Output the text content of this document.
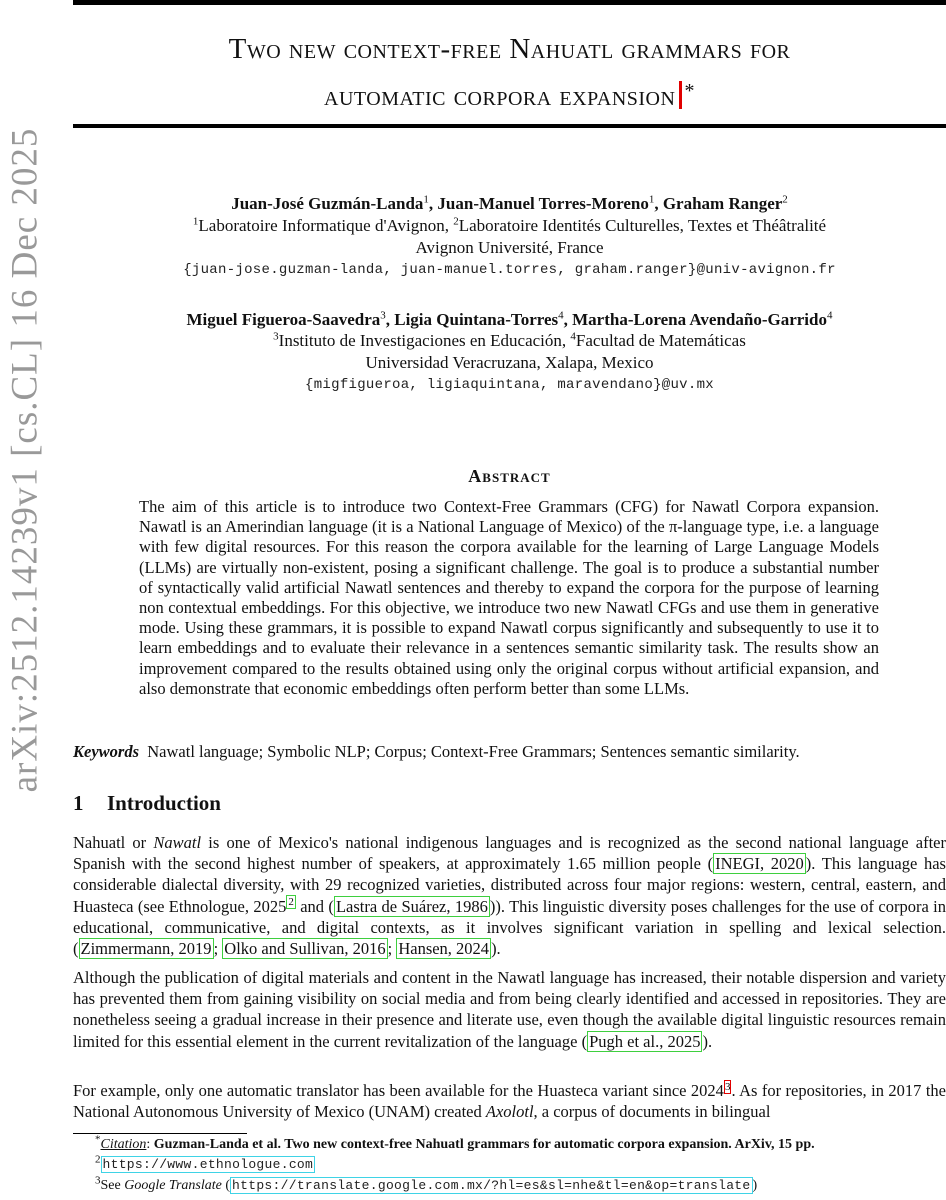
arXiv:2512.14239v1 [cs.CL] 16 Dec 2025
Two new context-free Nahuatl grammars for
automatic corpora expansion *
Juan-José Guzmán-Landa$^1$, Juan-Manuel Torres-Moreno$^1$, Graham Ranger$^2$
$^1$Laboratoire Informatique d'Avignon, $^2$Laboratoire Identités Culturelles, Textes et Théâtralité
Avignon Université, France
{juan-jose.guzman-landa, juan-manuel.torres, graham.ranger}@univ-avignon.fr
Miguel Figueroa-Saavedra$^3$, Ligia Quintana-Torres$^4$, Martha-Lorena Avendaño-Garrido$^4$
$^3$Instituto de Investigaciones en Educación, $^4$Facultad de Matemáticas
Universidad Veracruzana, Xalapa, Mexico
{migfigueroa, ligiaquintana, maravendano}@uv.mx
Abstract
The aim of this article is to introduce two Context-Free Grammars (CFG) for Nawatl Corpora expansion. Nawatl is an Amerindian language (it is a National Language of Mexico) of the π-language type, i.e. a language with few digital resources. For this reason the corpora available for the learning of Large Language Models (LLMs) are virtually non-existent, posing a significant challenge. The goal is to produce a substantial number of syntactically valid artificial Nawatl sentences and thereby to expand the corpora for the purpose of learning non contextual embeddings. For this objective, we introduce two new Nawatl CFGs and use them in generative mode. Using these grammars, it is possible to expand Nawatl corpus significantly and subsequently to use it to learn embeddings and to evaluate their relevance in a sentences semantic similarity task. The results show an improvement compared to the results obtained using only the original corpus without artificial expansion, and also demonstrate that economic embeddings often perform better than some LLMs.
Keywords Nawatl language; Symbolic NLP; Corpus; Context-Free Grammars; Sentences semantic similarity.
1 Introduction
Nahuatl or Nawatl is one of Mexico's national indigenous languages and is recognized as the second national language after Spanish with the second highest number of speakers, at approximately 1.65 million people ( INEGI, 2020 ). This language has considerable dialectal diversity, with 29 recognized varieties, distributed across four major regions: western, central, eastern, and Huasteca (see Ethnologue, 2025 $^2$ and ( Lastra de Suárez, 1986 )). This linguistic diversity poses challenges for the use of corpora in educational, communicative, and digital contexts, as it involves significant variation in spelling and lexical selection. ( Zimmermann, 2019 ; Olko and Sullivan, 2016 ; Hansen, 2024 ).
Although the publication of digital materials and content in the Nawatl language has increased, their notable dispersion and variety has prevented them from gaining visibility on social media and from being clearly identified and accessed in repositories. They are nonetheless seeing a gradual increase in their presence and literate use, even though the available digital linguistic resources remain limited for this essential element in the current revitalization of the language ( Pugh et al., 2025 ).
For example, only one automatic translator has been available for the Huasteca variant since 2024$^3$. As for repositories, in 2017 the National Autonomous University of Mexico (UNAM) created Axolotl, a corpus of documents in bilingual
*Citation: Guzman-Landa et al. Two new context-free Nahuatl grammars for automatic corpora expansion. ArXiv, 15 pp.
$^2$ https://www.ethnologue.com
$^3$See Google Translate ( https://translate.google.com.mx/?hl=es&sl=nhe&tl=en&op=translate )
